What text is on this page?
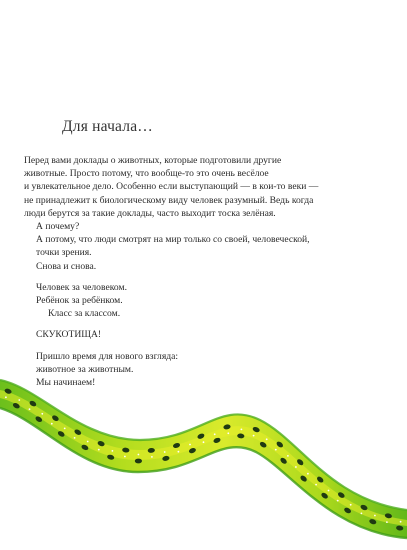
Для начала…
Перед вами доклады о животных, которые подготовили другие
животные. Просто потому, что вообще-то это очень весёлое
и увлекательное дело. Особенно если выступающий — в кои-то веки —
не принадлежит к биологическому виду человек разумный. Ведь когда
люди берутся за такие доклады, часто выходит тоска зелёная.
А почему?
А потому, что люди смотрят на мир только со своей, человеческой,
точки зрения.
Снова и снова.
Человек за человеком.
Ребёнок за ребёнком.
Класс за классом.
СКУКОТИЩА!
Пришло время для нового взгляда:
животное за животным.
Мы начинаем!
